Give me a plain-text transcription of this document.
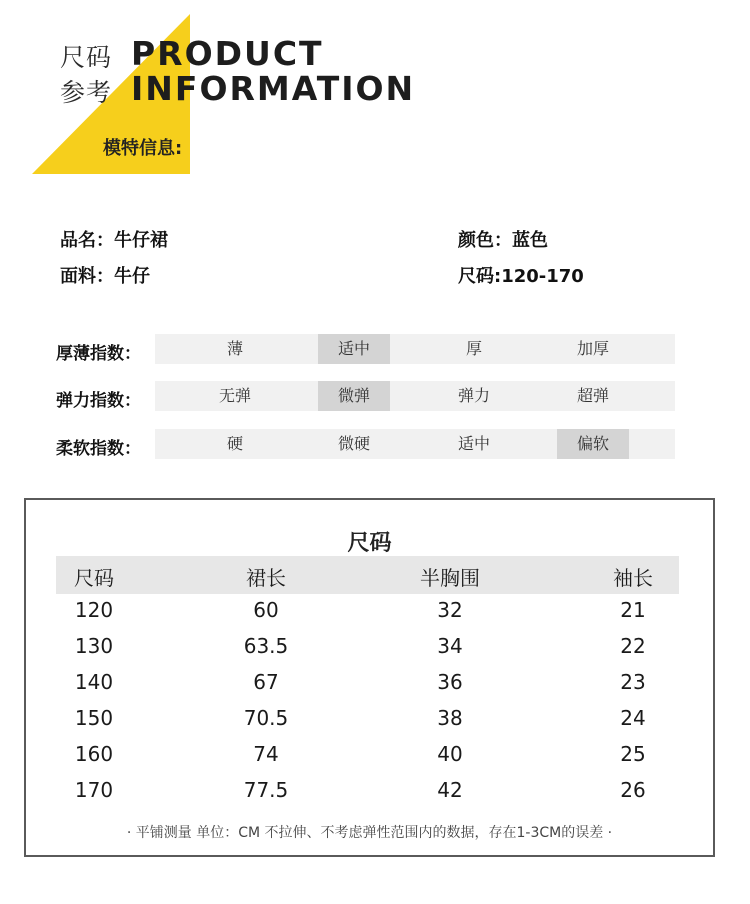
尺码
参考
PRODUCT
INFORMATION
模特信息:
品名：牛仔裙	颜色：蓝色
面料：牛仔	尺码:120-170
厚薄指数：	薄	适中	厚	加厚
弹力指数：	无弹	微弹	弹力	超弹
柔软指数：	硬	微硬	适中	偏软
尺码
尺码	裙长	半胸围	袖长
120	60	32	21
130	63.5	34	22
140	67	36	23
150	70.5	38	24
160	74	40	25
170	77.5	42	26
· 平铺测量 单位：CM 不拉伸、不考虑弹性范围内的数据，存在1-3CM的误差 ·
